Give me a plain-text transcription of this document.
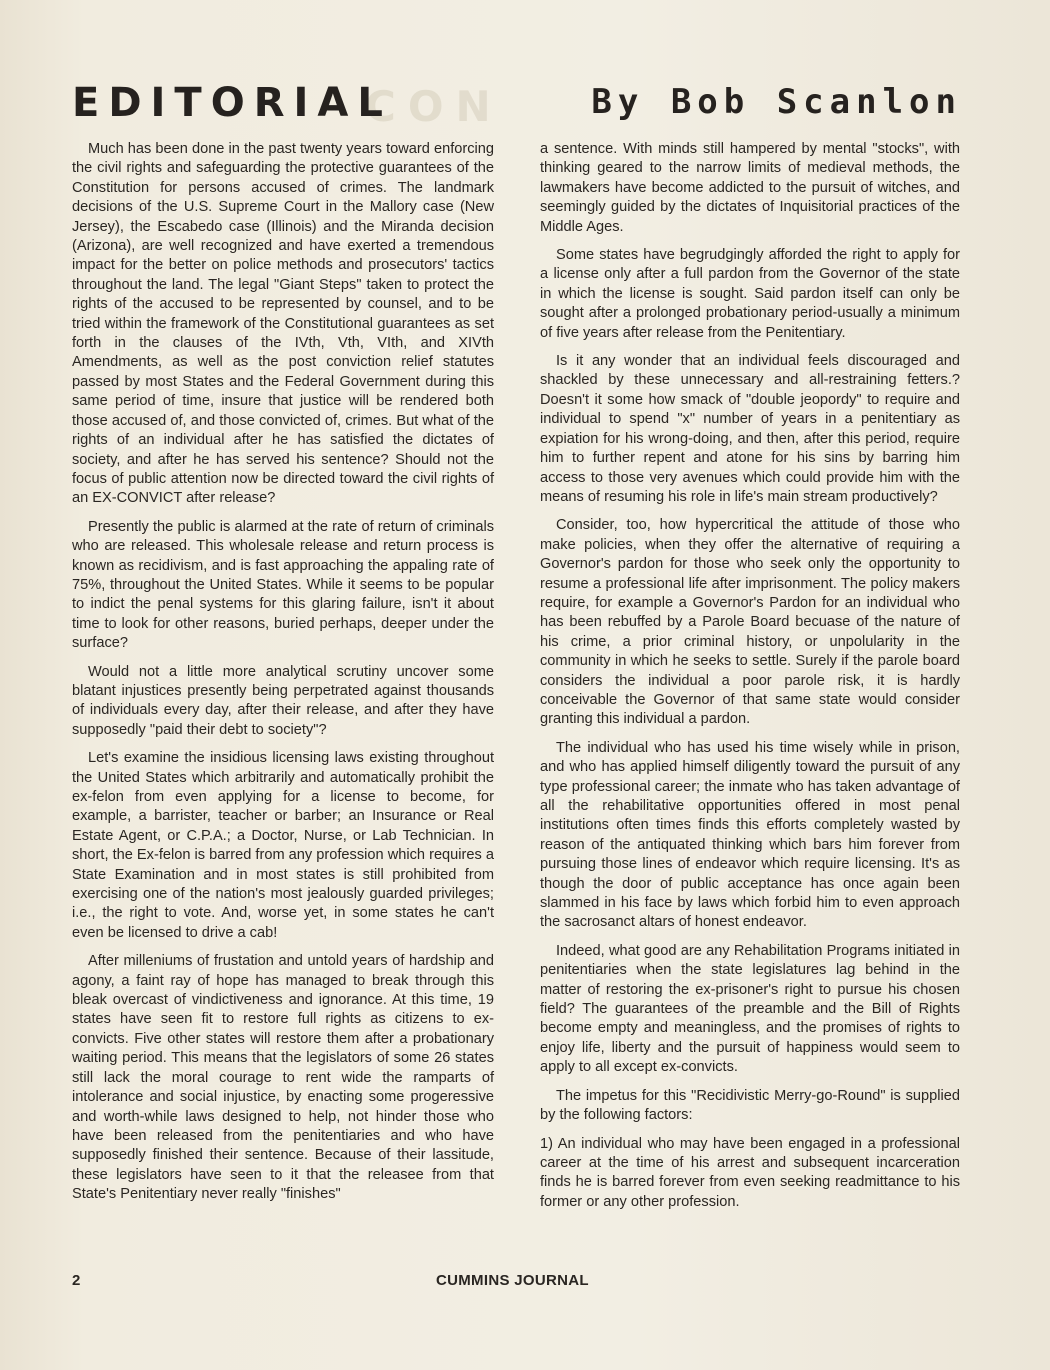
CON
EDITORIAL	By Bob Scanlon

Much has been done in the past twenty years toward enforcing the civil rights and safeguarding the protective guarantees of the Constitution for persons accused of crimes. The landmark decisions of the U.S. Supreme Court in the Mallory case (New Jersey), the Escabedo case (Illinois) and the Miranda decision (Arizona), are well recognized and have exerted a tremendous impact for the better on police methods and prosecutors' tactics throughout the land. The legal "Giant Steps" taken to protect the rights of the accused to be represented by counsel, and to be tried within the framework of the Constitutional guarantees as set forth in the clauses of the IVth, Vth, VIth, and XIVth Amendments, as well as the post conviction relief statutes passed by most States and the Federal Government during this same period of time, insure that justice will be rendered both those accused of, and those convicted of, crimes. But what of the rights of an individual after he has satisfied the dictates of society, and after he has served his sentence? Should not the focus of public attention now be directed toward the civil rights of an EX-CONVICT after release?

Presently the public is alarmed at the rate of return of criminals who are released. This wholesale release and return process is known as recidivism, and is fast approaching the appaling rate of 75%, throughout the United States. While it seems to be popular to indict the penal systems for this glaring failure, isn't it about time to look for other reasons, buried perhaps, deeper under the surface?

Would not a little more analytical scrutiny uncover some blatant injustices presently being perpetrated against thousands of individuals every day, after their release, and after they have supposedly "paid their debt to society"?

Let's examine the insidious licensing laws existing throughout the United States which arbitrarily and automatically prohibit the ex-felon from even applying for a license to become, for example, a barrister, teacher or barber; an Insurance or Real Estate Agent, or C.P.A.; a Doctor, Nurse, or Lab Technician. In short, the Ex-felon is barred from any profession which requires a State Examination and in most states is still prohibited from exercising one of the nation's most jealously guarded privileges; i.e., the right to vote. And, worse yet, in some states he can't even be licensed to drive a cab!

After milleniums of frustation and untold years of hardship and agony, a faint ray of hope has managed to break through this bleak overcast of vindictiveness and ignorance. At this time, 19 states have seen fit to restore full rights as citizens to ex-convicts. Five other states will restore them after a probationary waiting period. This means that the legislators of some 26 states still lack the moral courage to rent wide the ramparts of intolerance and social injustice, by enacting some progeressive and worth-while laws designed to help, not hinder those who have been released from the penitentiaries and who have supposedly finished their sentence. Because of their lassitude, these legislators have seen to it that the releasee from that State's Penitentiary never really "finishes"

a sentence. With minds still hampered by mental "stocks", with thinking geared to the narrow limits of medieval methods, the lawmakers have become addicted to the pursuit of witches, and seemingly guided by the dictates of Inquisitorial practices of the Middle Ages.

Some states have begrudgingly afforded the right to apply for a license only after a full pardon from the Governor of the state in which the license is sought. Said pardon itself can only be sought after a prolonged probationary period-usually a minimum of five years after release from the Penitentiary.

Is it any wonder that an individual feels discouraged and shackled by these unnecessary and all-restraining fetters.? Doesn't it some how smack of "double jeopordy" to require and individual to spend "x" number of years in a penitentiary as expiation for his wrong-doing, and then, after this period, require him to further repent and atone for his sins by barring him access to those very avenues which could provide him with the means of resuming his role in life's main stream productively?

Consider, too, how hypercritical the attitude of those who make policies, when they offer the alternative of requiring a Governor's pardon for those who seek only the opportunity to resume a professional life after imprisonment. The policy makers require, for example a Governor's Pardon for an individual who has been rebuffed by a Parole Board becuase of the nature of his crime, a prior criminal history, or unpolularity in the community in which he seeks to settle. Surely if the parole board considers the individual a poor parole risk, it is hardly conceivable the Governor of that same state would consider granting this individual a pardon.

The individual who has used his time wisely while in prison, and who has applied himself diligently toward the pursuit of any type professional career; the inmate who has taken advantage of all the rehabilitative opportunities offered in most penal institutions often times finds this efforts completely wasted by reason of the antiquated thinking which bars him forever from pursuing those lines of endeavor which require licensing. It's as though the door of public acceptance has once again been slammed in his face by laws which forbid him to even approach the sacrosanct altars of honest endeavor.

Indeed, what good are any Rehabilitation Programs initiated in penitentiaries when the state legislatures lag behind in the matter of restoring the ex-prisoner's right to pursue his chosen field? The guarantees of the preamble and the Bill of Rights become empty and meaningless, and the promises of rights to enjoy life, liberty and the pursuit of happiness would seem to apply to all except ex-convicts.

The impetus for this "Recidivistic Merry-go-Round" is supplied by the following factors:

1) An individual who may have been engaged in a professional career at the time of his arrest and subsequent incarceration finds he is barred forever from even seeking readmittance to his former or any other profession.

2	CUMMINS JOURNAL
